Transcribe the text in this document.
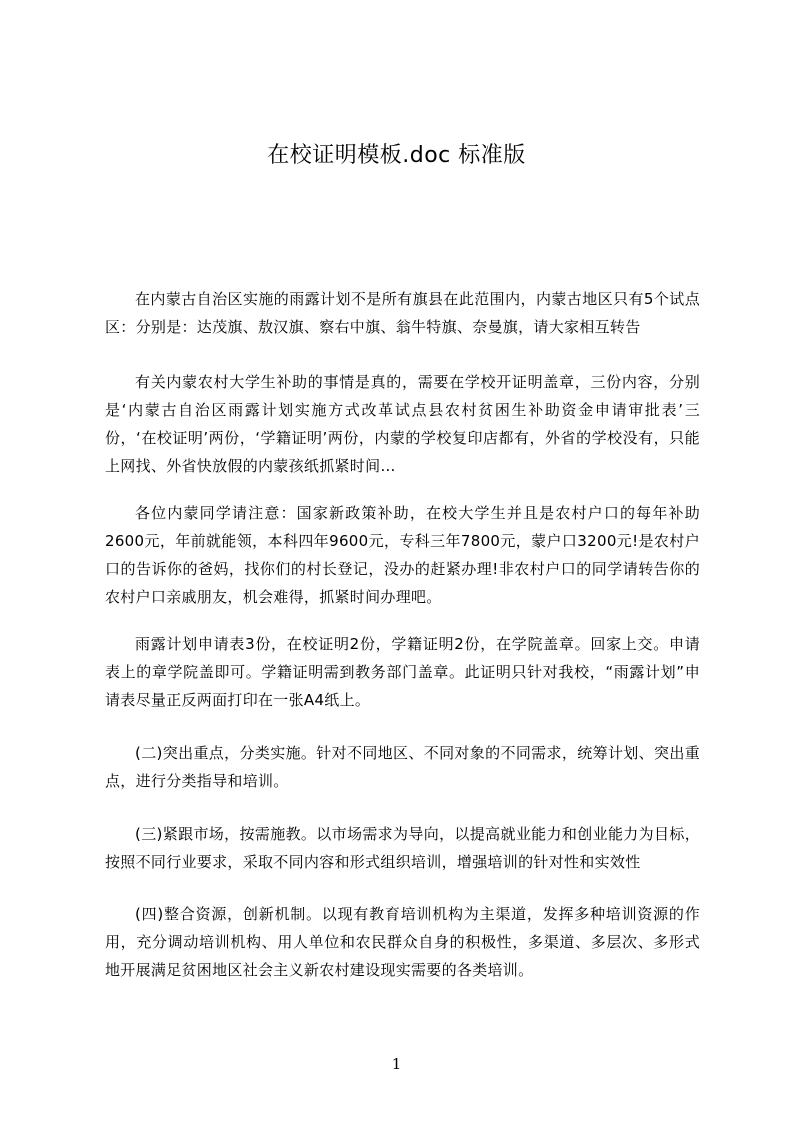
在校证明模板.doc 标准版

在内蒙古自治区实施的雨露计划不是所有旗县在此范围内，内蒙古地区只有5个试点区：分别是：达茂旗、敖汉旗、察右中旗、翁牛特旗、奈曼旗，请大家相互转告

有关内蒙农村大学生补助的事情是真的，需要在学校开证明盖章，三份内容，分别是‘内蒙古自治区雨露计划实施方式改革试点县农村贫困生补助资金申请审批表’三份，‘在校证明’两份，‘学籍证明’两份，内蒙的学校复印店都有，外省的学校没有，只能上网找、外省快放假的内蒙孩纸抓紧时间…

各位内蒙同学请注意：国家新政策补助，在校大学生并且是农村户口的每年补助2600元，年前就能领，本科四年9600元，专科三年7800元，蒙户口3200元!是农村户口的告诉你的爸妈，找你们的村长登记，没办的赶紧办理!非农村户口的同学请转告你的农村户口亲戚朋友，机会难得，抓紧时间办理吧。

雨露计划申请表3份，在校证明2份，学籍证明2份，在学院盖章。回家上交。申请表上的章学院盖即可。学籍证明需到教务部门盖章。此证明只针对我校，“雨露计划”申请表尽量正反两面打印在一张A4纸上。

(二)突出重点，分类实施。针对不同地区、不同对象的不同需求，统筹计划、突出重点，进行分类指导和培训。

(三)紧跟市场，按需施教。以市场需求为导向，以提高就业能力和创业能力为目标，按照不同行业要求，采取不同内容和形式组织培训，增强培训的针对性和实效性

(四)整合资源，创新机制。以现有教育培训机构为主渠道，发挥多种培训资源的作用，充分调动培训机构、用人单位和农民群众自身的积极性，多渠道、多层次、多形式地开展满足贫困地区社会主义新农村建设现实需要的各类培训。

1
